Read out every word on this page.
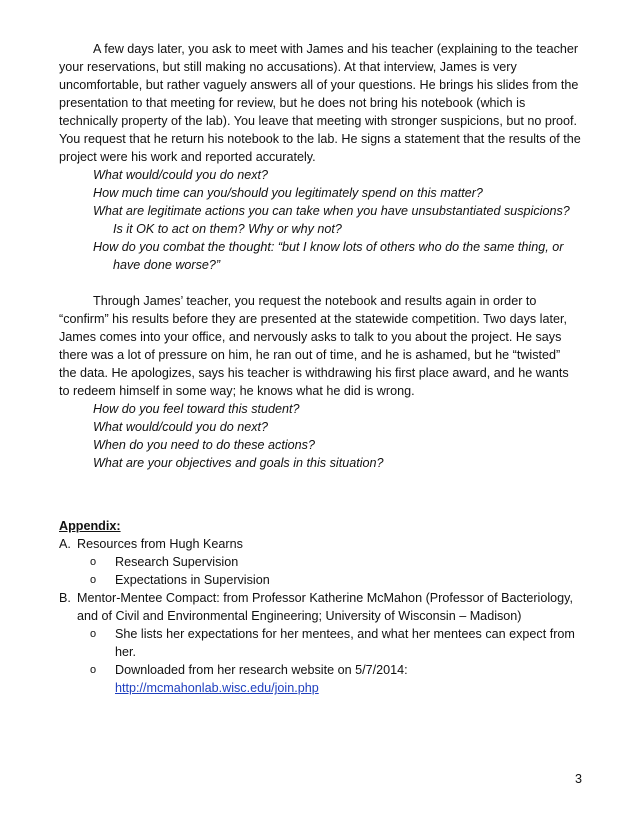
A few days later, you ask to meet with James and his teacher (explaining to the teacher your reservations, but still making no accusations). At that interview, James is very uncomfortable, but rather vaguely answers all of your questions. He brings his slides from the presentation to that meeting for review, but he does not bring his notebook (which is technically property of the lab). You leave that meeting with stronger suspicions, but no proof. You request that he return his notebook to the lab. He signs a statement that the results of the project were his work and reported accurately.

What would/could you do next?
How much time can you/should you legitimately spend on this matter?
What are legitimate actions you can take when you have unsubstantiated suspicions? Is it OK to act on them? Why or why not?
How do you combat the thought: “but I know lots of others who do the same thing, or have done worse?”

Through James’ teacher, you request the notebook and results again in order to “confirm” his results before they are presented at the statewide competition. Two days later, James comes into your office, and nervously asks to talk to you about the project. He says there was a lot of pressure on him, he ran out of time, and he is ashamed, but he “twisted” the data. He apologizes, says his teacher is withdrawing his first place award, and he wants to redeem himself in some way; he knows what he did is wrong.

How do you feel toward this student?
What would/could you do next?
When do you need to do these actions?
What are your objectives and goals in this situation?
Appendix:
A. Resources from Hugh Kearns
o Research Supervision
o Expectations in Supervision
B. Mentor-Mentee Compact: from Professor Katherine McMahon (Professor of Bacteriology, and of Civil and Environmental Engineering; University of Wisconsin – Madison)
o She lists her expectations for her mentees, and what her mentees can expect from her.
o Downloaded from her research website on 5/7/2014: http://mcmahonlab.wisc.edu/join.php
3
